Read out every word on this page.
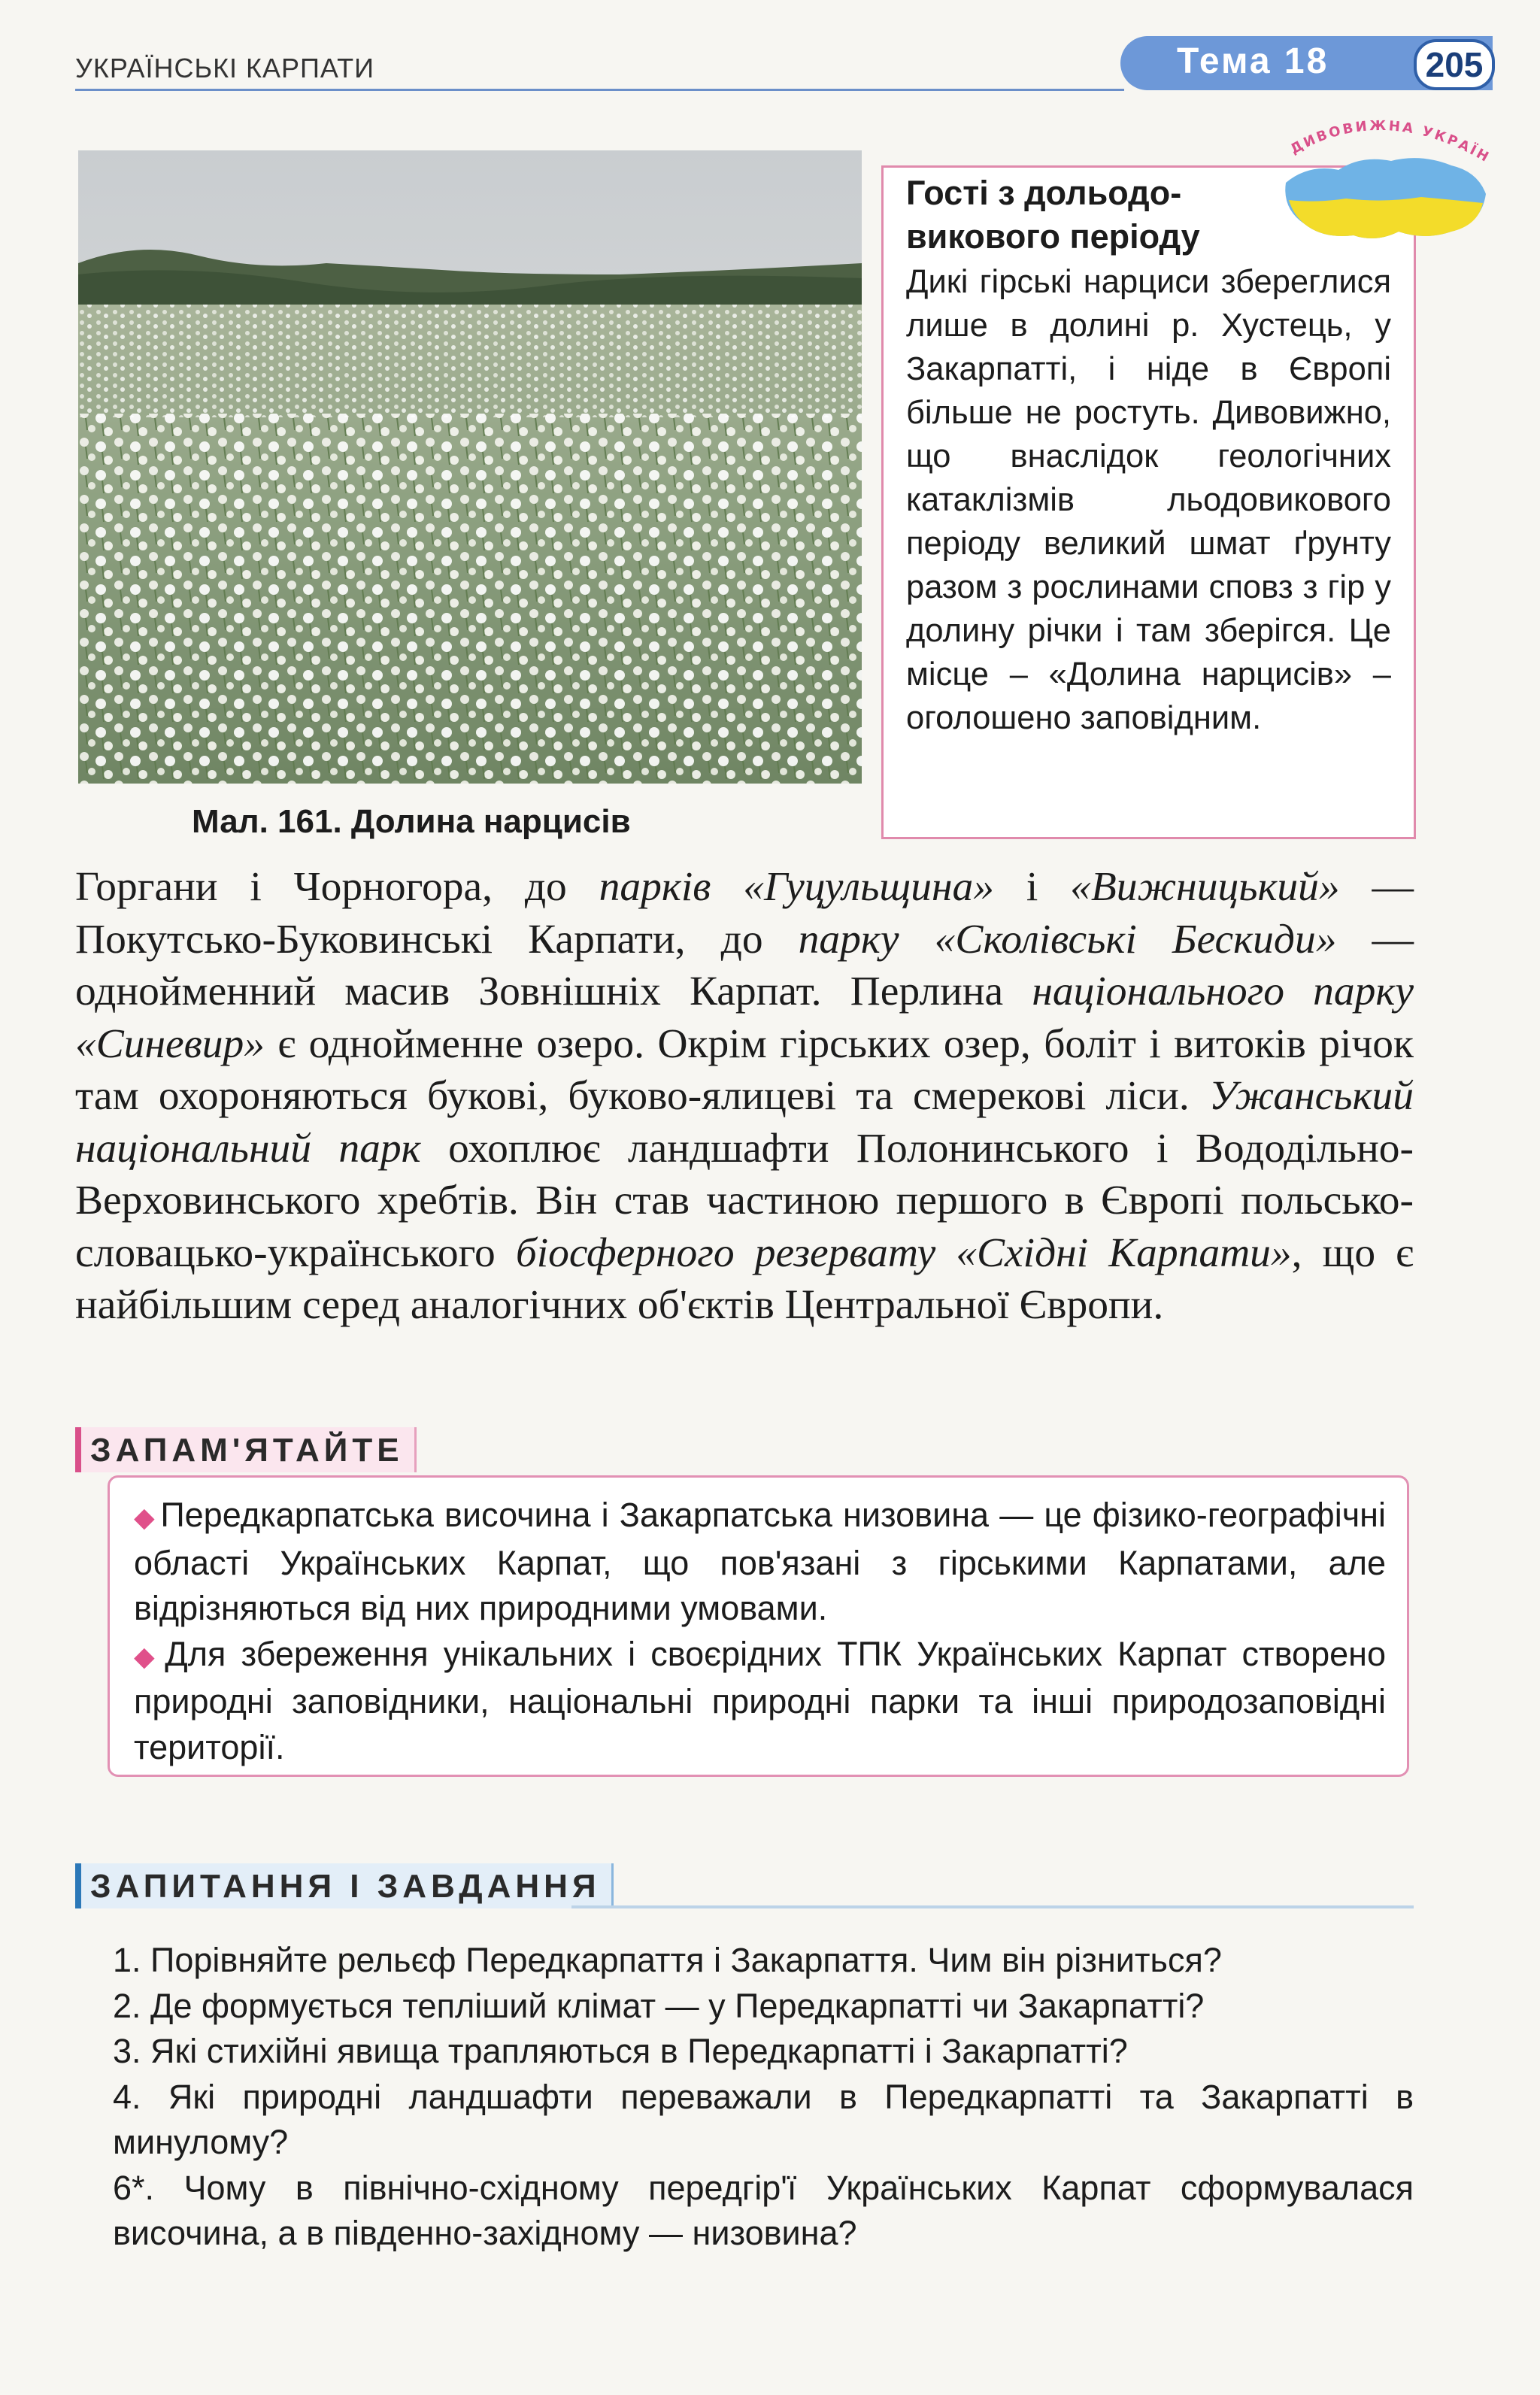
УКРАЇНСЬКІ КАРПАТИ	Тема 18	205
Мал. 161. Долина нарцисів
Гості з дольодо-викового періоду
Дикі гірські нарциси збереглися лише в долині р. Хустець, у Закарпатті, і ніде в Європі більше не ростуть. Дивовижно, що внаслідок геологічних катаклізмів льодовикового періоду великий шмат ґрунту разом з рослинами сповз з гір у долину річки і там зберігся. Це місце – «Долина нарцисів» – оголошено заповідним.
ДИВОВИЖНА УКРАЇН
Горгани і Чорногора, до парків «Гуцульщина» і «Вижницький» — Покутсько-Буковинські Карпати, до парку «Сколівські Бескиди» — однойменний масив Зовнішніх Карпат. Перлина національного парку «Синевир» є однойменне озеро. Окрім гірських озер, боліт і витоків річок там охороняються букові, буково-ялицеві та смерекові ліси. Ужанський національний парк охоплює ландшафти Полонинського і Вододільно-Верховинського хребтів. Він став частиною першого в Європі польсько-словацько-українського біосферного резервату «Східні Карпати», що є найбільшим серед аналогічних об'єктів Центральної Європи.
ЗАПАМ'ЯТАЙТЕ

◆ Передкарпатська височина і Закарпатська низовина — це фізико-географічні області Українських Карпат, що пов'язані з гірськими Карпатами, але відрізняються від них природними умовами.

◆ Для збереження унікальних і своєрідних ТПК Українських Карпат створено природні заповідники, національні природні парки та інші природозаповідні території.

ЗАПИТАННЯ І ЗАВДАННЯ

1. Порівняйте рельєф Передкарпаття і Закарпаття. Чим він різниться?

2. Де формується тепліший клімат — у Передкарпатті чи Закарпатті?

3. Які стихійні явища трапляються в Передкарпатті і Закарпатті?

4. Які природні ландшафти переважали в Передкарпатті та Закарпатті в минулому?

6*. Чому в північно-східному передгір'ї Українських Карпат сформувалася височина, а в південно-західному — низовина?
